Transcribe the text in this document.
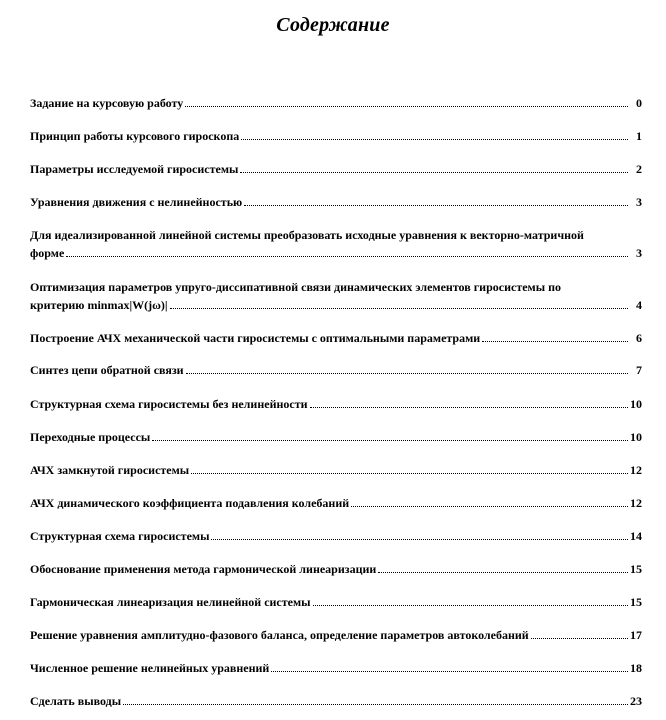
Содержание
Задание на курсовую работу	0
Принцип работы курсового гироскопа	1
Параметры исследуемой гиросистемы	2
Уравнения движения с нелинейностью	3
Для идеализированной линейной системы преобразовать исходные уравнения к векторно-матричной
форме	3
Оптимизация параметров упруго-диссипативной связи динамических элементов гиросистемы по
критерию minmax|W(jω)|	4
Построение АЧХ механической части гиросистемы с оптимальными параметрами	6
Синтез цепи обратной связи	7
Структурная схема гиросистемы без нелинейности	10
Переходные процессы	10
АЧХ замкнутой гиросистемы	12
АЧХ динамического коэффициента подавления колебаний	12
Структурная схема гиросистемы	14
Обоснование применения метода гармонической линеаризации	15
Гармоническая линеаризация нелинейной системы	15
Решение уравнения амплитудно-фазового баланса, определение параметров автоколебаний	17
Численное решение нелинейных уравнений	18
Сделать выводы	23
